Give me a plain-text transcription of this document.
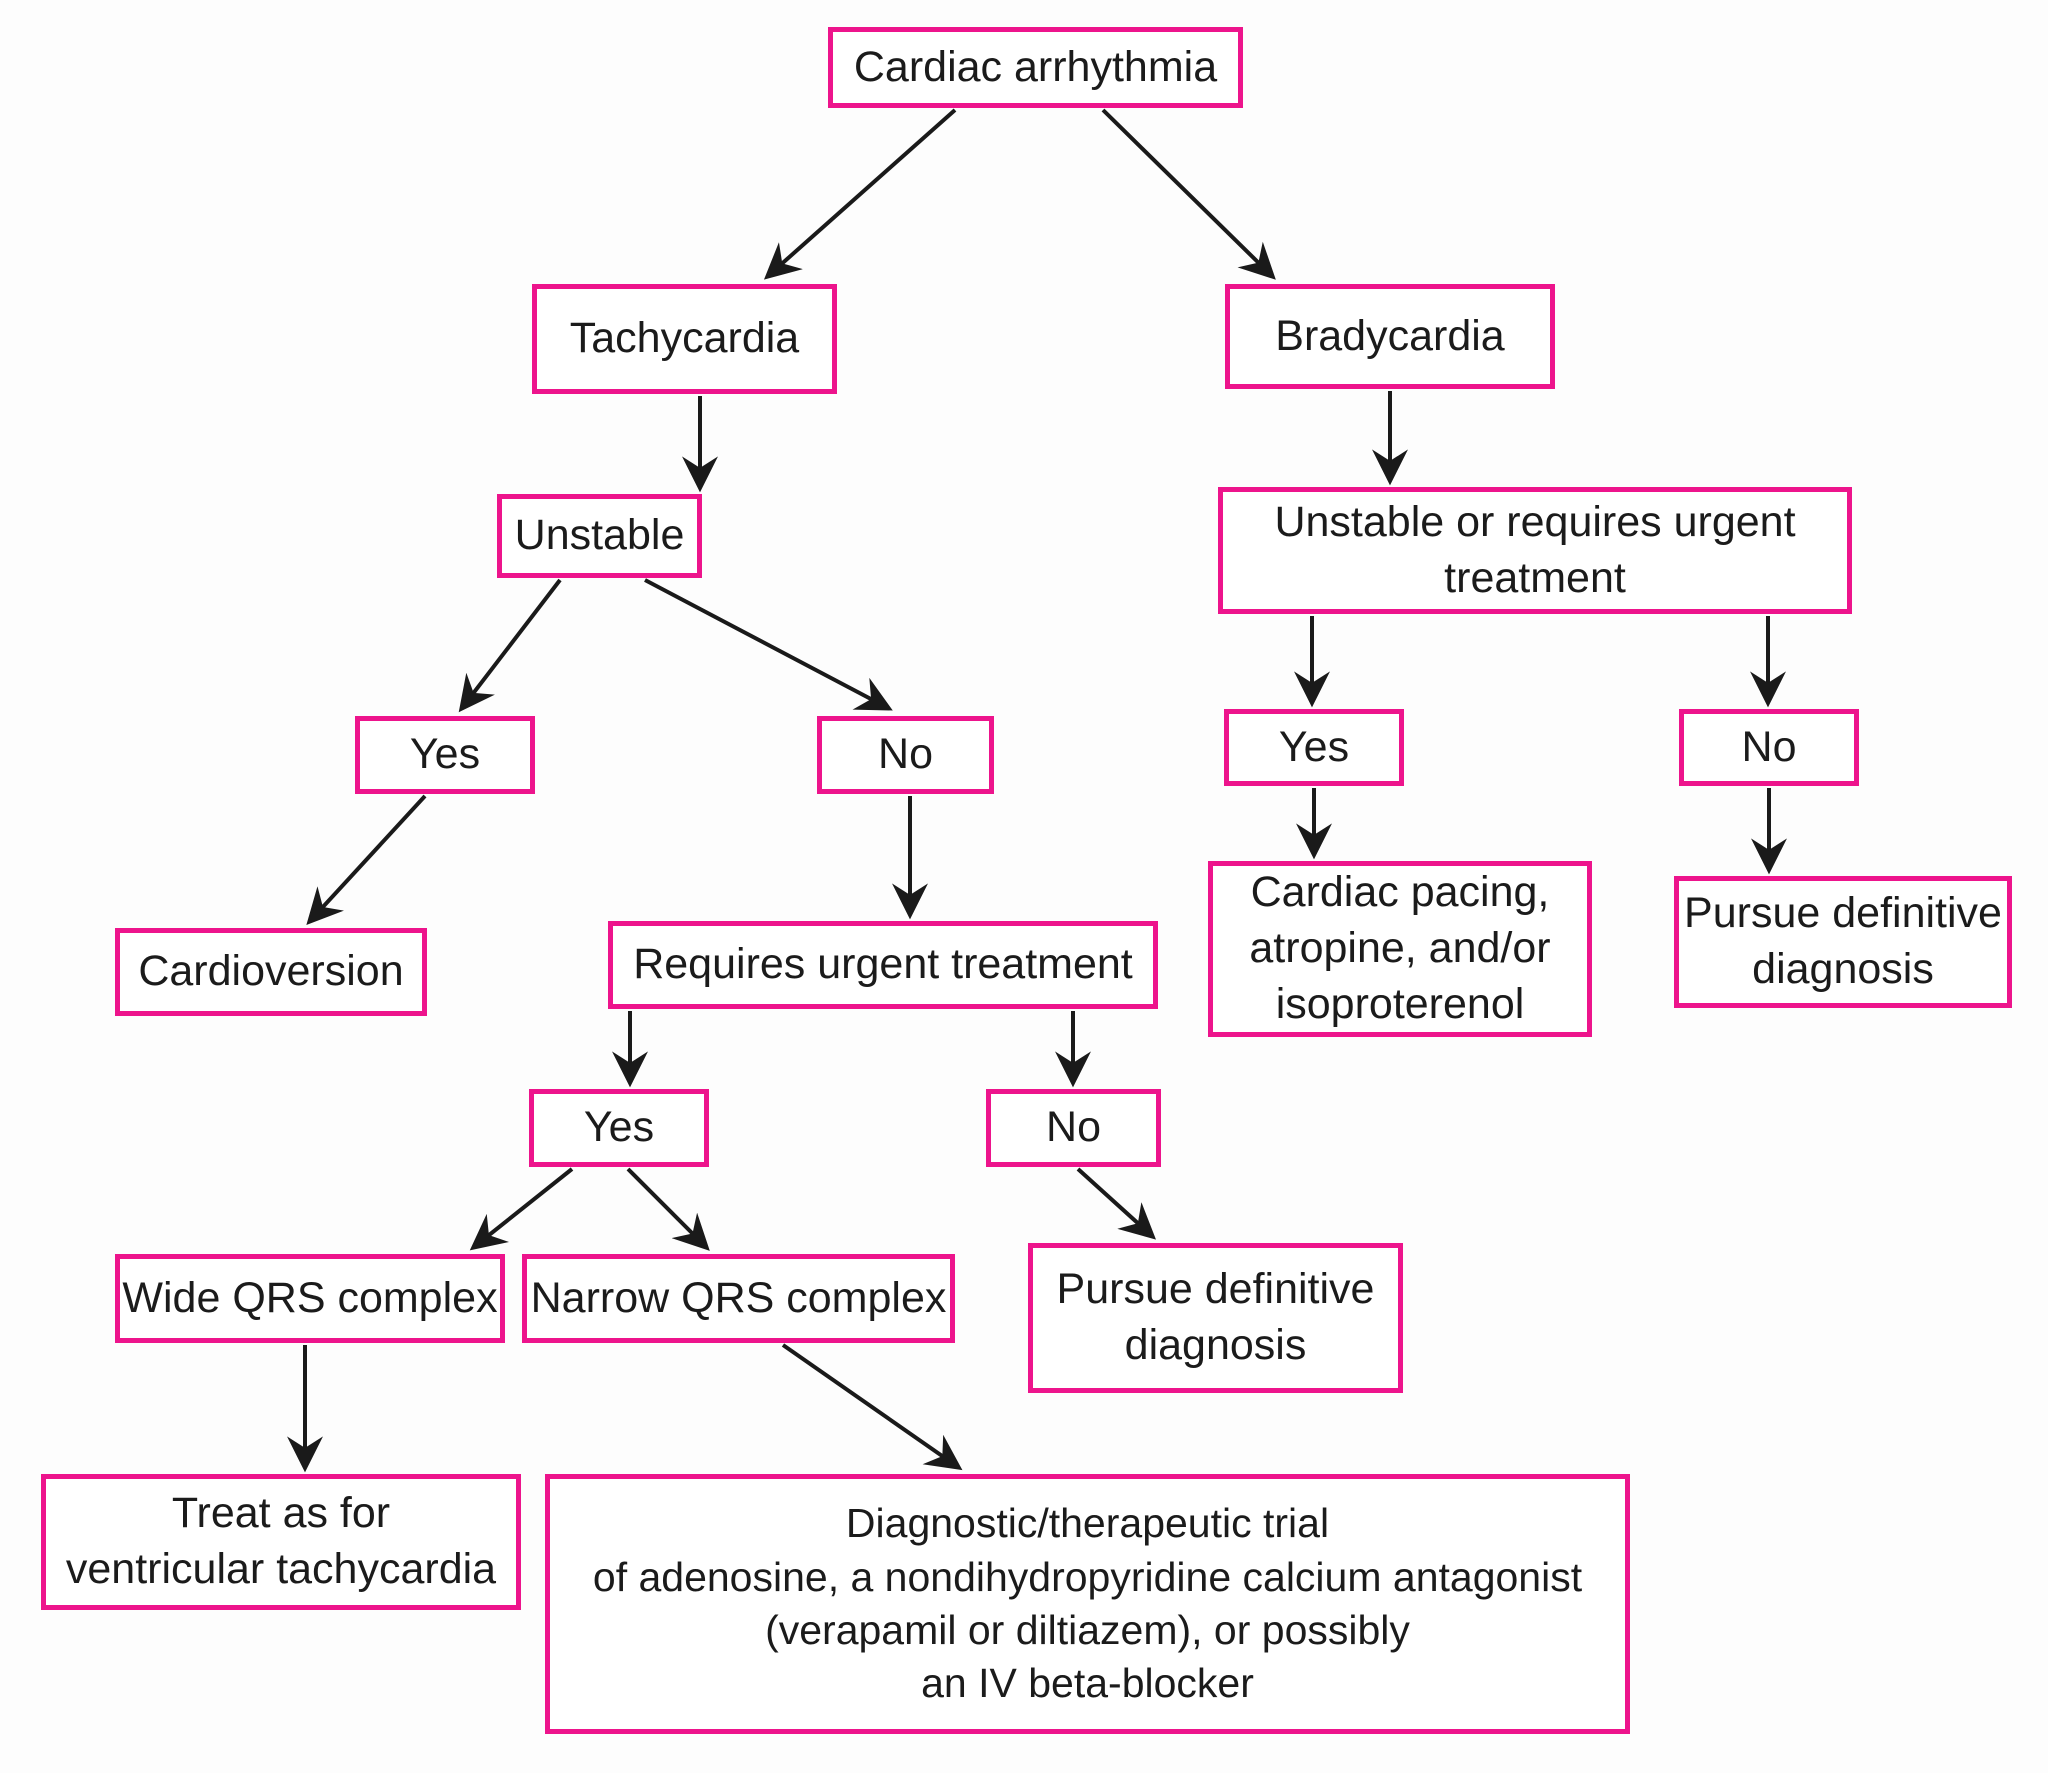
Cardiac arrhythmia
Tachycardia	Bradycardia
Unstable	Unstable or requires urgent
treatment
Yes	No
Cardioversion	Requires urgent treatment
Yes	No
Wide QRS complex Narrow QRS complex	Pursue definitive
diagnosis
Yes	No
Cardiac pacing,
atropine, and/or
isoproterenol
Pursue definitive
diagnosis
Treat as for
ventricular tachycardia
Diagnostic/therapeutic trial
of adenosine, a nondihydropyridine calcium antagonist
(verapamil or diltiazem), or possibly
an IV beta-blocker
